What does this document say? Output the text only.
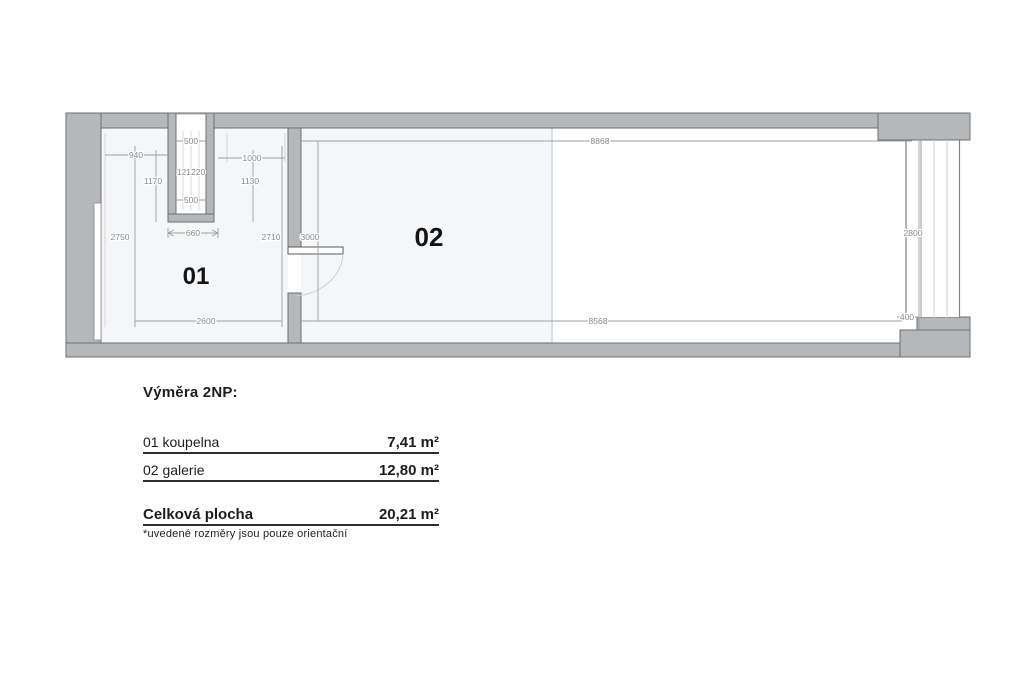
940
500
1000
1170
121220
1130
500
660
2750	2710 3000
2600
8868
8568
2800
400
01
02
Výměra 2NP:
01 koupelna	7,41 m²
02 galerie	12,80 m²
Celková plocha	20,21 m²
*uvedené rozměry jsou pouze orientační
